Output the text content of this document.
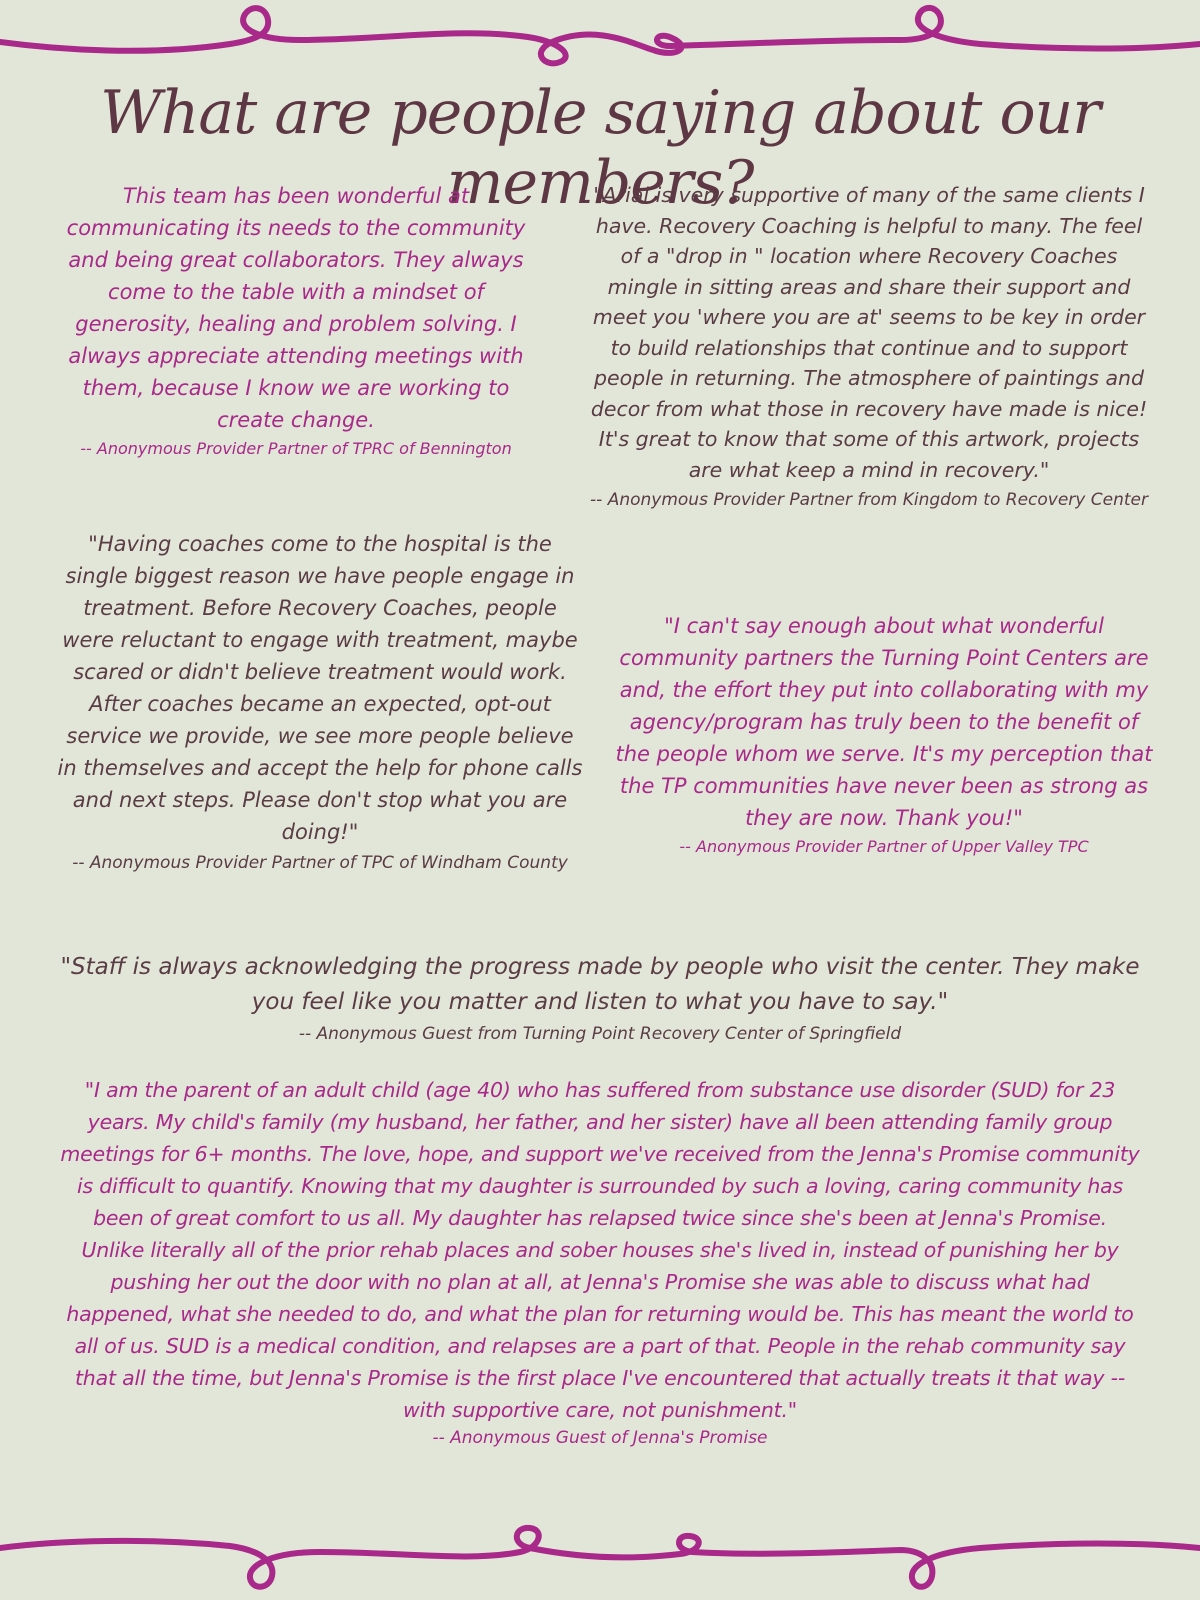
What are people saying about our members?

This team has been wonderful at communicating its needs to the community and being great collaborators. They always come to the table with a mindset of generosity, healing and problem solving. I always appreciate attending meetings with them, because I know we are working to create change.

-- Anonymous Provider Partner of TPRC of Bennington

"Arial is very supportive of many of the same clients I have. Recovery Coaching is helpful to many. The feel of a "drop in " location where Recovery Coaches mingle in sitting areas and share their support and meet you 'where you are at' seems to be key in order to build relationships that continue and to support people in returning. The atmosphere of paintings and decor from what those in recovery have made is nice! It's great to know that some of this artwork, projects are what keep a mind in recovery."

-- Anonymous Provider Partner from Kingdom to Recovery Center

"Having coaches come to the hospital is the single biggest reason we have people engage in treatment. Before Recovery Coaches, people were reluctant to engage with treatment, maybe scared or didn't believe treatment would work. After coaches became an expected, opt-out service we provide, we see more people believe in themselves and accept the help for phone calls and next steps. Please don't stop what you are doing!"

-- Anonymous Provider Partner of TPC of Windham County

"I can't say enough about what wonderful community partners the Turning Point Centers are and, the effort they put into collaborating with my agency/program has truly been to the benefit of the people whom we serve. It's my perception that the TP communities have never been as strong as they are now. Thank you!"

-- Anonymous Provider Partner of Upper Valley TPC

"Staff is always acknowledging the progress made by people who visit the center. They make you feel like you matter and listen to what you have to say."

-- Anonymous Guest from Turning Point Recovery Center of Springfield

"I am the parent of an adult child (age 40) who has suffered from substance use disorder (SUD) for 23 years. My child's family (my husband, her father, and her sister) have all been attending family group meetings for 6+ months. The love, hope, and support we've received from the Jenna's Promise community is difficult to quantify. Knowing that my daughter is surrounded by such a loving, caring community has been of great comfort to us all. My daughter has relapsed twice since she's been at Jenna's Promise. Unlike literally all of the prior rehab places and sober houses she's lived in, instead of punishing her by pushing her out the door with no plan at all, at Jenna's Promise she was able to discuss what had happened, what she needed to do, and what the plan for returning would be. This has meant the world to all of us. SUD is a medical condition, and relapses are a part of that. People in the rehab community say that all the time, but Jenna's Promise is the first place I've encountered that actually treats it that way -- with supportive care, not punishment."

-- Anonymous Guest of Jenna's Promise
